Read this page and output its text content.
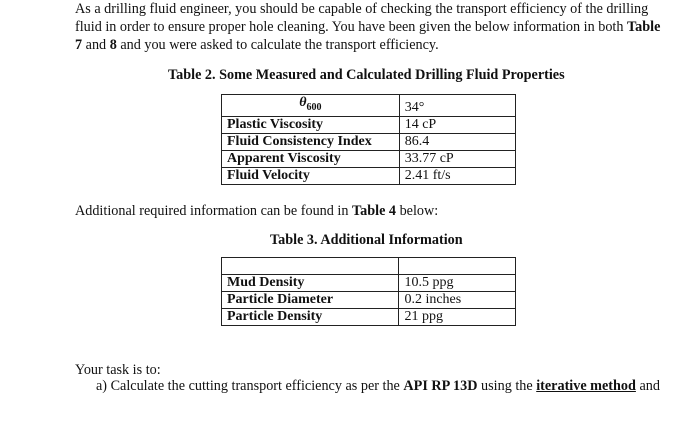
As a drilling fluid engineer, you should be capable of checking the transport efficiency of the drilling
fluid in order to ensure proper hole cleaning. You have been given the below information in both Table
7 and 8 and you were asked to calculate the transport efficiency.
Table 2. Some Measured and Calculated Drilling Fluid Properties
$\theta_{600}$	34°
Plastic Viscosity	14 cP
Fluid Consistency Index	86.4
Apparent Viscosity	33.77 cP
Fluid Velocity	2.41 ft/s
Additional required information can be found in Table 4 below:
Table 3. Additional Information

Mud Density	10.5 ppg
Particle Diameter	0.2 inches
Particle Density	21 ppg
Your task is to:
a) Calculate the cutting transport efficiency as per the API RP 13D using the iterative method and
